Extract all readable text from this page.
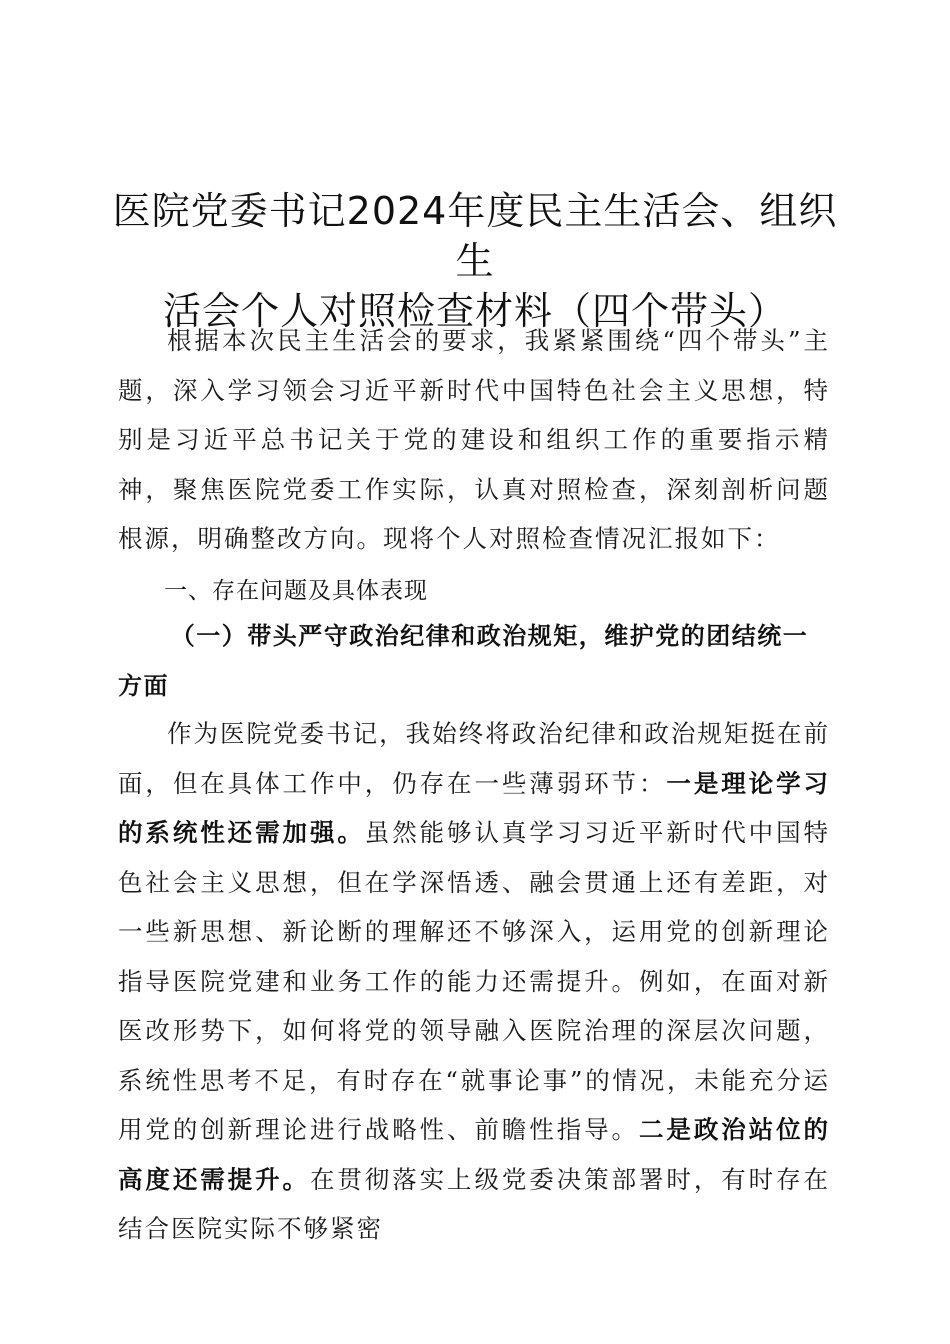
医院党委书记2024年度民主生活会、组织生
活会个人对照检查材料（四个带头）
根据本次民主生活会的要求，我紧紧围绕“四个带头”主题，深入学习领会习近平新时代中国特色社会主义思想，特别是习近平总书记关于党的建设和组织工作的重要指示精神，聚焦医院党委工作实际，认真对照检查，深刻剖析问题根源，明确整改方向。现将个人对照检查情况汇报如下：
一、存在问题及具体表现
（一）带头严守政治纪律和政治规矩，维护党的团结统一方面
作为医院党委书记，我始终将政治纪律和政治规矩挺在前面，但在具体工作中，仍存在一些薄弱环节：一是理论学习的系统性还需加强。虽然能够认真学习习近平新时代中国特色社会主义思想，但在学深悟透、融会贯通上还有差距，对一些新思想、新论断的理解还不够深入，运用党的创新理论指导医院党建和业务工作的能力还需提升。例如，在面对新医改形势下，如何将党的领导融入医院治理的深层次问题，系统性思考不足，有时存在“就事论事”的情况，未能充分运用党的创新理论进行战略性、前瞻性指导。二是政治站位的高度还需提升。在贯彻落实上级党委决策部署时，有时存在结合医院实际不够紧密
